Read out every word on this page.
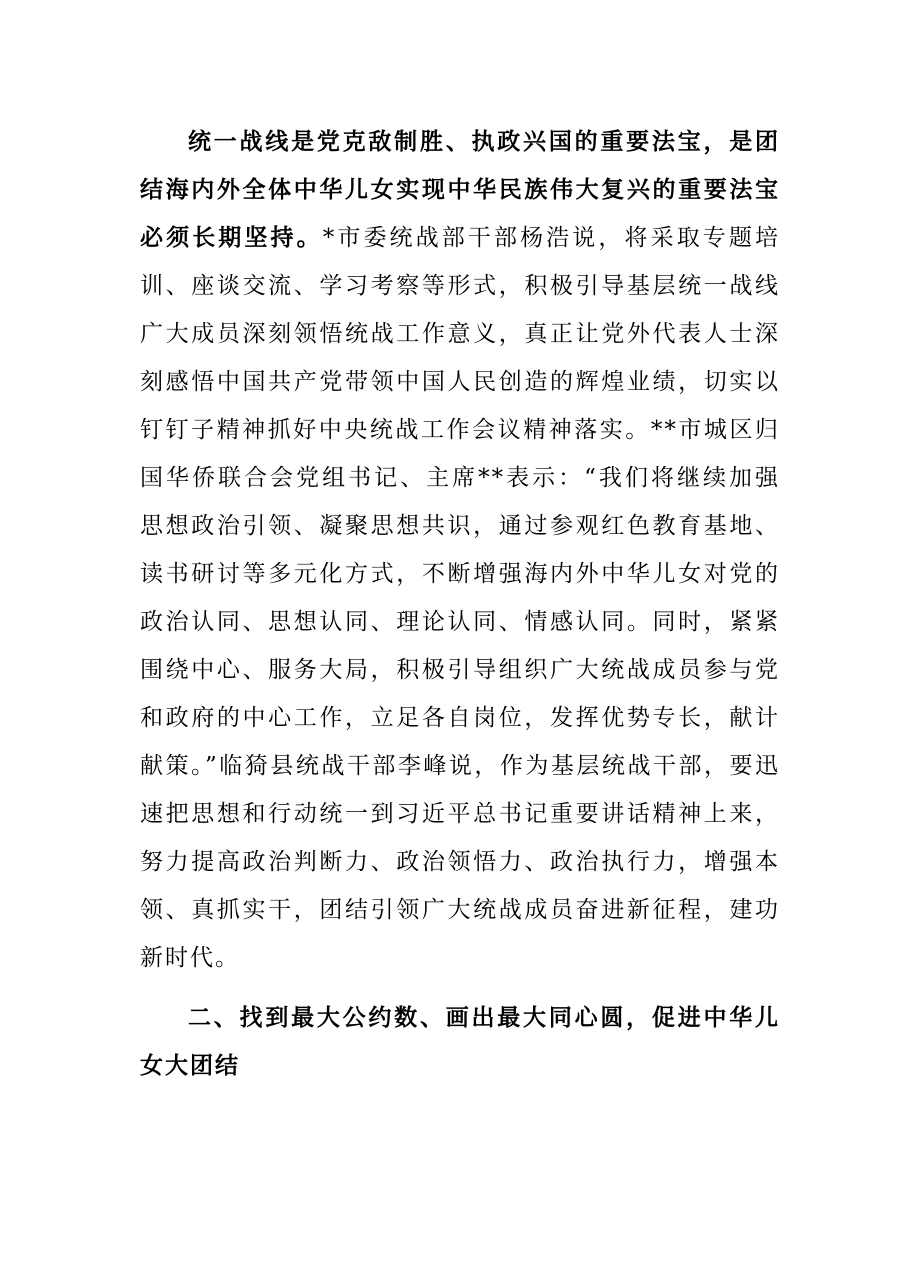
统一战线是党克敌制胜、执政兴国的重要法宝，是团结海内外全体中华儿女实现中华民族伟大复兴的重要法宝必须长期坚持。*市委统战部干部杨浩说，将采取专题培训、座谈交流、学习考察等形式，积极引导基层统一战线广大成员深刻领悟统战工作意义，真正让党外代表人士深刻感悟中国共产党带领中国人民创造的辉煌业绩，切实以钉钉子精神抓好中央统战工作会议精神落实。**市城区归国华侨联合会党组书记、主席**表示：“我们将继续加强思想政治引领、凝聚思想共识，通过参观红色教育基地、读书研讨等多元化方式，不断增强海内外中华儿女对党的政治认同、思想认同、理论认同、情感认同。同时，紧紧围绕中心、服务大局，积极引导组织广大统战成员参与党和政府的中心工作，立足各自岗位，发挥优势专长，献计献策。”临猗县统战干部李峰说，作为基层统战干部，要迅速把思想和行动统一到习近平总书记重要讲话精神上来，努力提高政治判断力、政治领悟力、政治执行力，增强本领、真抓实干，团结引领广大统战成员奋进新征程，建功新时代。

二、找到最大公约数、画出最大同心圆，促进中华儿女大团结
